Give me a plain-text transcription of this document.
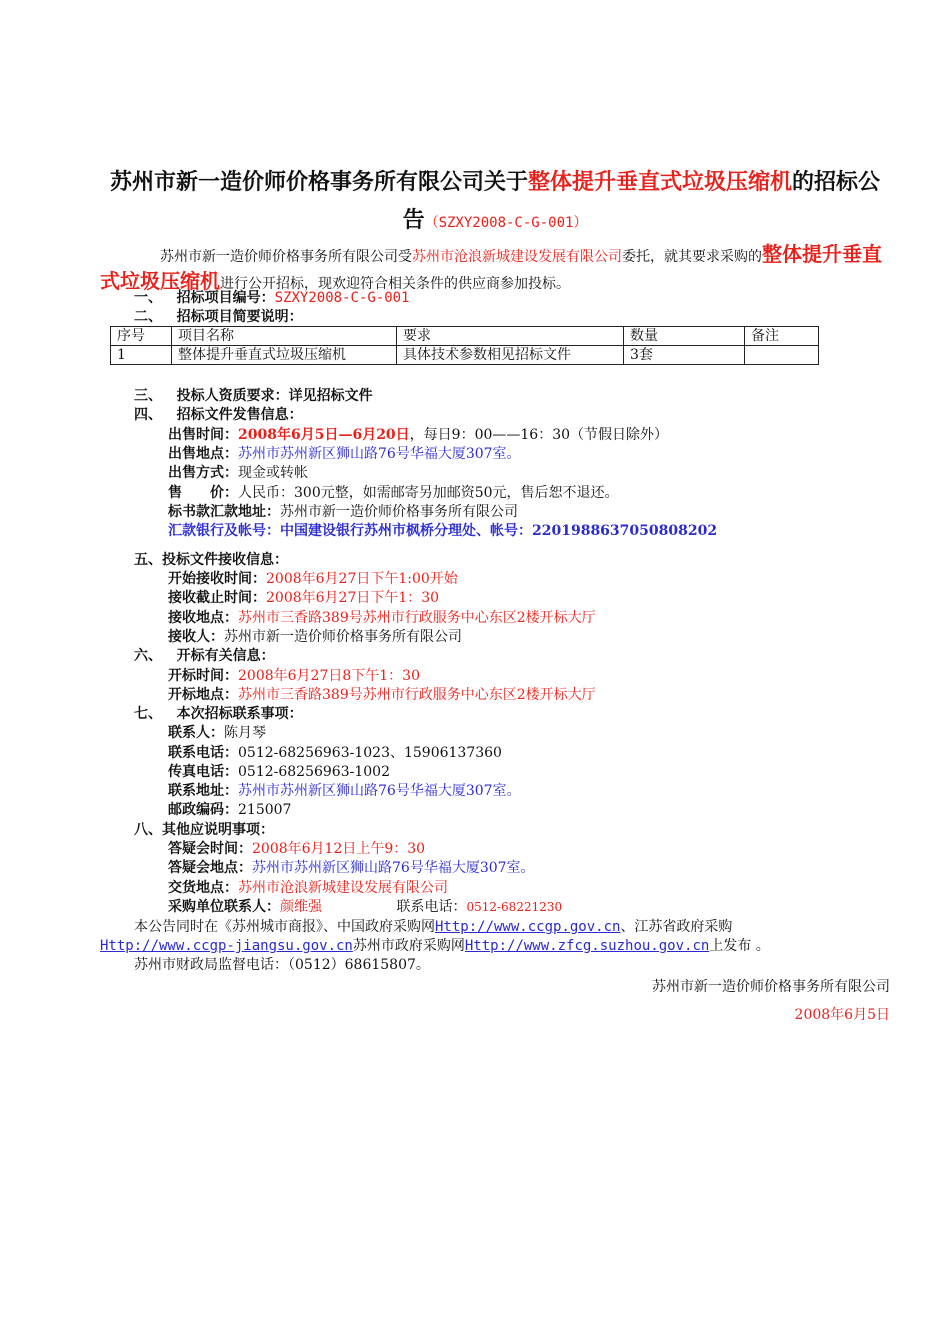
苏州市新一造价师价格事务所有限公司关于整体提升垂直式垃圾压缩机的招标公
告（SZXY2008-C-G-001）
苏州市新一造价师价格事务所有限公司受苏州市沧浪新城建设发展有限公司委托，就其要求采购的整体提升垂直式垃圾压缩机进行公开招标，现欢迎符合相关条件的供应商参加投标。
一、 招标项目编号：SZXY2008-C-G-001
二、 招标项目简要说明：
序号	项目名称	要求	数量	备注
1	整体提升垂直式垃圾压缩机	具体技术参数相见招标文件	3套	
三、 投标人资质要求：详见招标文件
四、 招标文件发售信息：
出售时间：2008年6月5日—6月20日，每日9：00——16：30（节假日除外）
出售地点：苏州市苏州新区狮山路76号华福大厦307室。
出售方式：现金或转帐
售　　价：人民币：300元整，如需邮寄另加邮资50元，售后恕不退还。
标书款汇款地址：苏州市新一造价师价格事务所有限公司
汇款银行及帐号：中国建设银行苏州市枫桥分理处、帐号：2201988637050808202
五、投标文件接收信息：
开始接收时间：2008年6月27日下午1:00开始
接收截止时间：2008年6月27日下午1：30
接收地点：苏州市三香路389号苏州市行政服务中心东区2楼开标大厅
接收人：苏州市新一造价师价格事务所有限公司
六、 开标有关信息：
开标时间：2008年6月27日8下午1：30
开标地点：苏州市三香路389号苏州市行政服务中心东区2楼开标大厅
七、 本次招标联系事项：
联系人：陈月琴
联系电话：0512-68256963-1023、15906137360
传真电话：0512-68256963-1002
联系地址：苏州市苏州新区狮山路76号华福大厦307室。
邮政编码：215007
八、其他应说明事项：
答疑会时间：2008年6月12日上午9：30
答疑会地点：苏州市苏州新区狮山路76号华福大厦307室。
交货地点：苏州市沧浪新城建设发展有限公司
采购单位联系人：颜维强	联系电话：0512-68221230
本公告同时在《苏州城市商报》、中国政府采购网Http://www.ccgp.gov.cn、江苏省政府采购

Http://www.ccgp-jiangsu.gov.cn苏州市政府采购网Http://www.zfcg.suzhou.gov.cn上发布 。
苏州市财政局监督电话：（0512）68615807。
苏州市新一造价师价格事务所有限公司
2008年6月5日
